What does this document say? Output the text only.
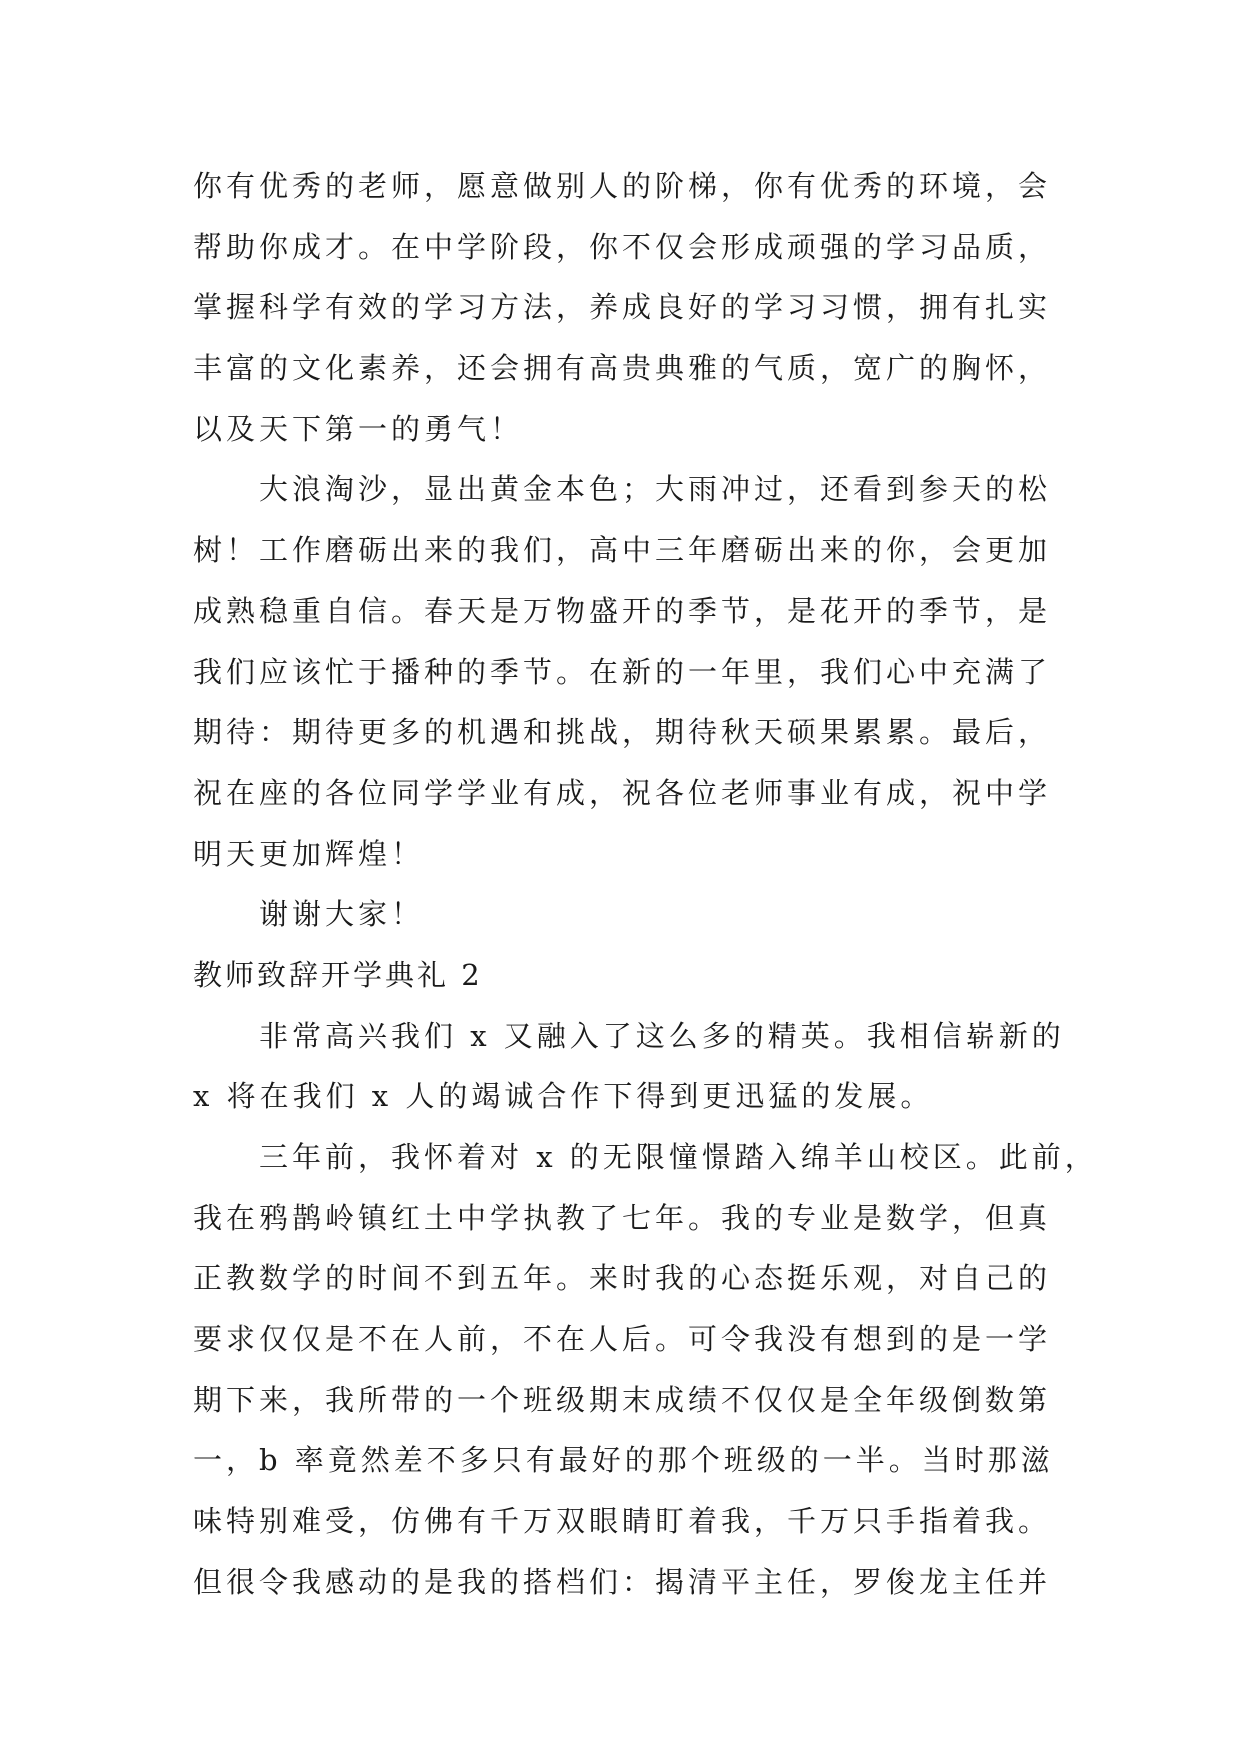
你有优秀的老师，愿意做别人的阶梯，你有优秀的环境，会
帮助你成才。在中学阶段，你不仅会形成顽强的学习品质，
掌握科学有效的学习方法，养成良好的学习习惯，拥有扎实
丰富的文化素养，还会拥有高贵典雅的气质，宽广的胸怀，
以及天下第一的勇气！
大浪淘沙，显出黄金本色；大雨冲过，还看到参天的松
树！工作磨砺出来的我们，高中三年磨砺出来的你，会更加
成熟稳重自信。春天是万物盛开的季节，是花开的季节，是
我们应该忙于播种的季节。在新的一年里，我们心中充满了
期待：期待更多的机遇和挑战，期待秋天硕果累累。最后，
祝在座的各位同学学业有成，祝各位老师事业有成，祝中学
明天更加辉煌！
谢谢大家！
教师致辞开学典礼 2
非常高兴我们 x 又融入了这么多的精英。我相信崭新的
x 将在我们 x 人的竭诚合作下得到更迅猛的发展。
三年前，我怀着对 x 的无限憧憬踏入绵羊山校区。此前，
我在鸦鹊岭镇红土中学执教了七年。我的专业是数学，但真
正教数学的时间不到五年。来时我的心态挺乐观，对自己的
要求仅仅是不在人前，不在人后。可令我没有想到的是一学
期下来，我所带的一个班级期末成绩不仅仅是全年级倒数第
一，b 率竟然差不多只有最好的那个班级的一半。当时那滋
味特别难受，仿佛有千万双眼睛盯着我，千万只手指着我。
但很令我感动的是我的搭档们：揭清平主任，罗俊龙主任并
